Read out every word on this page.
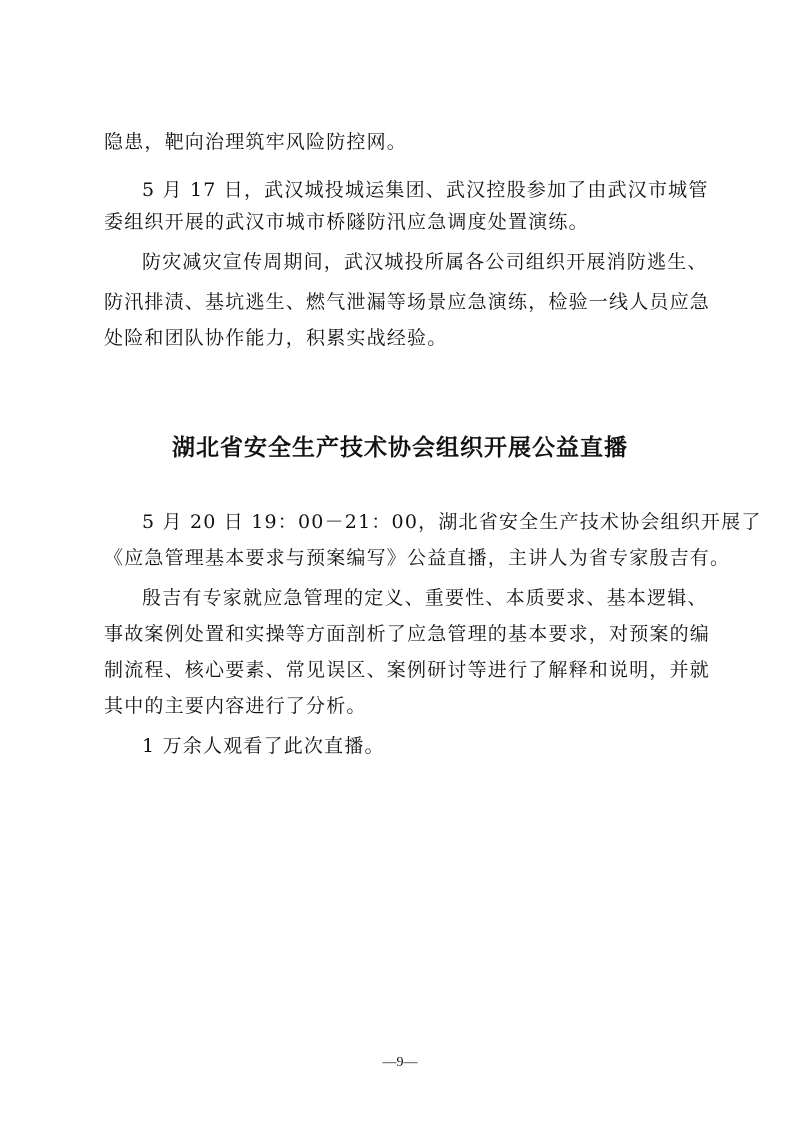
隐患，靶向治理筑牢风险防控网。
5 月 17 日，武汉城投城运集团、武汉控股参加了由武汉市城管
委组织开展的武汉市城市桥隧防汛应急调度处置演练。
防灾减灾宣传周期间，武汉城投所属各公司组织开展消防逃生、
防汛排渍、基坑逃生、燃气泄漏等场景应急演练，检验一线人员应急
处险和团队协作能力，积累实战经验。
湖北省安全生产技术协会组织开展公益直播
5 月 20 日 19：00－21：00，湖北省安全生产技术协会组织开展了
《应急管理基本要求与预案编写》公益直播，主讲人为省专家殷吉有。
殷吉有专家就应急管理的定义、重要性、本质要求、基本逻辑、
事故案例处置和实操等方面剖析了应急管理的基本要求，对预案的编
制流程、核心要素、常见误区、案例研讨等进行了解释和说明，并就
其中的主要内容进行了分析。
1 万余人观看了此次直播。
—9—
